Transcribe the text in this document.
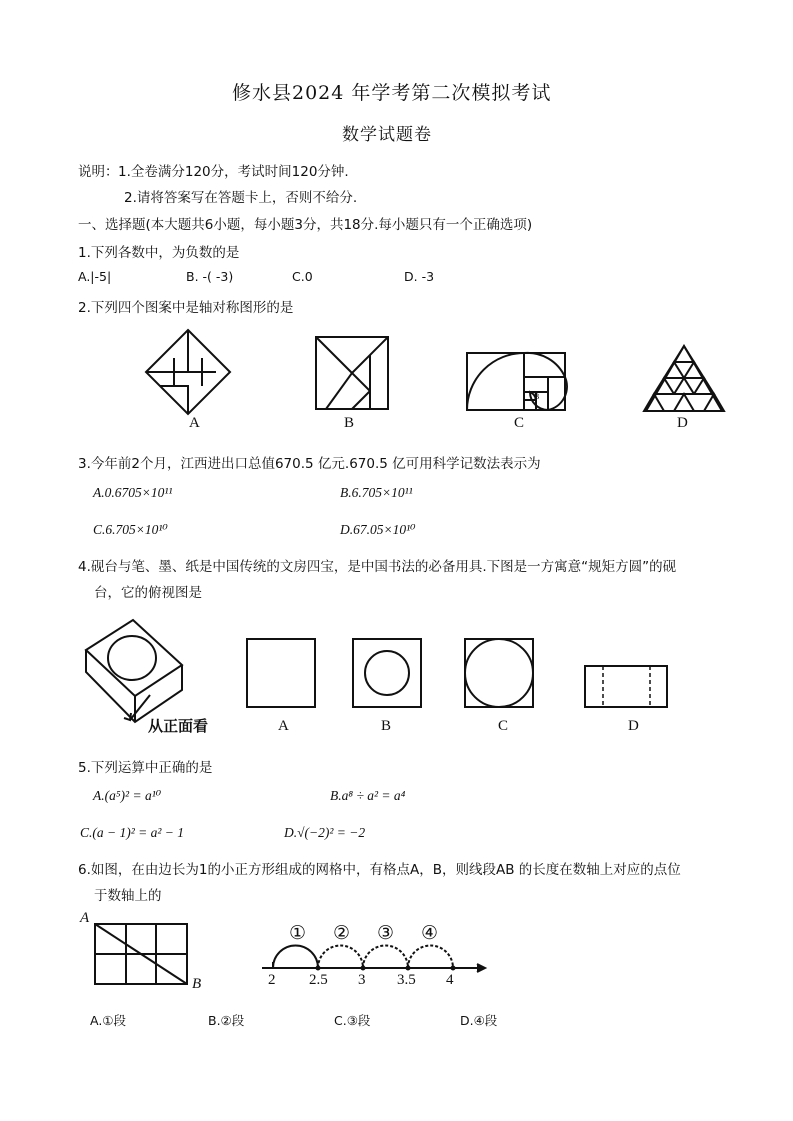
修水县2024 年学考第二次模拟考试
数学试题卷
说明： 1.全卷满分120分，考试时间120分钟.
2.请将答案写在答题卡上，否则不给分.
一、选择题(本大题共6小题，每小题3分，共18分.每小题只有一个正确选项)
1.下列各数中，为负数的是
A.|-5|	B. -( -3)	C.0	D. -3
2.下列四个图案中是轴对称图形的是
B
A	B	C	D
3.今年前2个月，江西进出口总值670.5 亿元.670.5 亿可用科学记数法表示为
A.0.6705×10¹¹	B.6.705×10¹¹
C.6.705×10¹⁰	D.67.05×10¹⁰
4.砚台与笔、墨、纸是中国传统的文房四宝，是中国书法的必备用具.下图是一方寓意“规矩方圆”的砚
台，它的俯视图是
从正面看	A	B	C	D
5.下列运算中正确的是
A.(a⁵)² = a¹⁰	B.a⁸ ÷ a² = a⁴
C.(a − 1)² = a² − 1	D.√(−2)² = −2
6.如图，在由边长为1的小正方形组成的网格中，有格点A，B，则线段AB 的长度在数轴上对应的点位
于数轴上的
A
B
① ② ③ ④
2 2.5 3 3.5 4
A.①段	B.②段	C.③段	D.④段
